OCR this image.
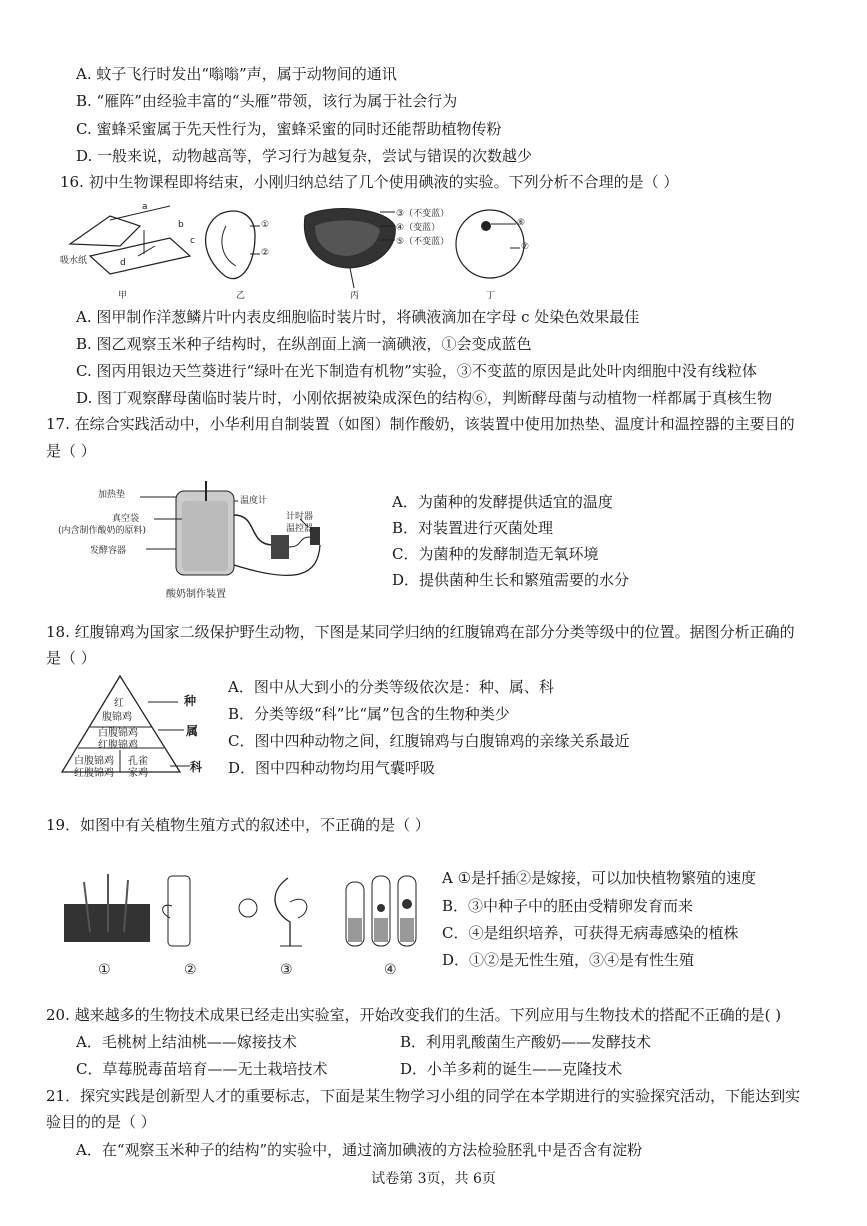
A. 蚊子飞行时发出“嗡嗡”声，属于动物间的通讯
B. “雁阵”由经验丰富的“头雁”带领，该行为属于社会行为
C. 蜜蜂采蜜属于先天性行为，蜜蜂采蜜的同时还能帮助植物传粉
D. 一般来说，动物越高等，学习行为越复杂，尝试与错误的次数越少
16. 初中生物课程即将结束，小刚归纳总结了几个使用碘液的实验。下列分析不合理的是（ ）
吸水纸
a
b
c
d
①
②
③（不变蓝）
④（变蓝）
⑤（不变蓝）
⑥
⑦
甲	乙	丙	丁
A. 图甲制作洋葱鳞片叶内表皮细胞临时装片时，将碘液滴加在字母 c 处染色效果最佳
B. 图乙观察玉米种子结构时，在纵剖面上滴一滴碘液，①会变成蓝色
C. 图丙用银边天竺葵进行“绿叶在光下制造有机物”实验，③不变蓝的原因是此处叶肉细胞中没有线粒体
D. 图丁观察酵母菌临时装片时，小刚依据被染成深色的结构⑥，判断酵母菌与动植物一样都属于真核生物
17. 在综合实践活动中，小华利用自制装置（如图）制作酸奶，该装置中使用加热垫、温度计和温控器的主要目的
是（ ）
加热垫
温度计
真空袋
(内含制作酸奶的原料)
计时器
温控器
发酵容器
酸奶制作装置
A．为菌种的发酵提供适宜的温度
B．对装置进行灭菌处理
C．为菌种的发酵制造无氧环境
D．提供菌种生长和繁殖需要的水分
18. 红腹锦鸡为国家二级保护野生动物，下图是某同学归纳的红腹锦鸡在部分分类等级中的位置。据图分析正确的
是（ ）
红
腹锦鸡
白腹锦鸡
红腹锦鸡
白腹锦鸡 孔雀
红腹锦鸡 家鸡
种
属
科
A．图中从大到小的分类等级依次是：种、属、科
B．分类等级“科”比“属”包含的生物种类少
C．图中四种动物之间，红腹锦鸡与白腹锦鸡的亲缘关系最近
D．图中四种动物均用气囊呼吸
19．如图中有关植物生殖方式的叙述中，不正确的是（ ）
①	②	③	④
A ①是扦插②是嫁接，可以加快植物繁殖的速度
B．③中种子中的胚由受精卵发育而来
C．④是组织培养，可获得无病毒感染的植株
D．①②是无性生殖，③④是有性生殖
20. 越来越多的生物技术成果已经走出实验室，开始改变我们的生活。下列应用与生物技术的搭配不正确的是( )
A．毛桃树上结油桃——嫁接技术	B．利用乳酸菌生产酸奶——发酵技术
C．草莓脱毒苗培育——无土栽培技术	D．小羊多莉的诞生——克隆技术
21．探究实践是创新型人才的重要标志，下面是某生物学习小组的同学在本学期进行的实验探究活动，下能达到实
验目的的是（ ）
A．在“观察玉米种子的结构”的实验中，通过滴加碘液的方法检验胚乳中是否含有淀粉
试卷第 3页，共 6页
